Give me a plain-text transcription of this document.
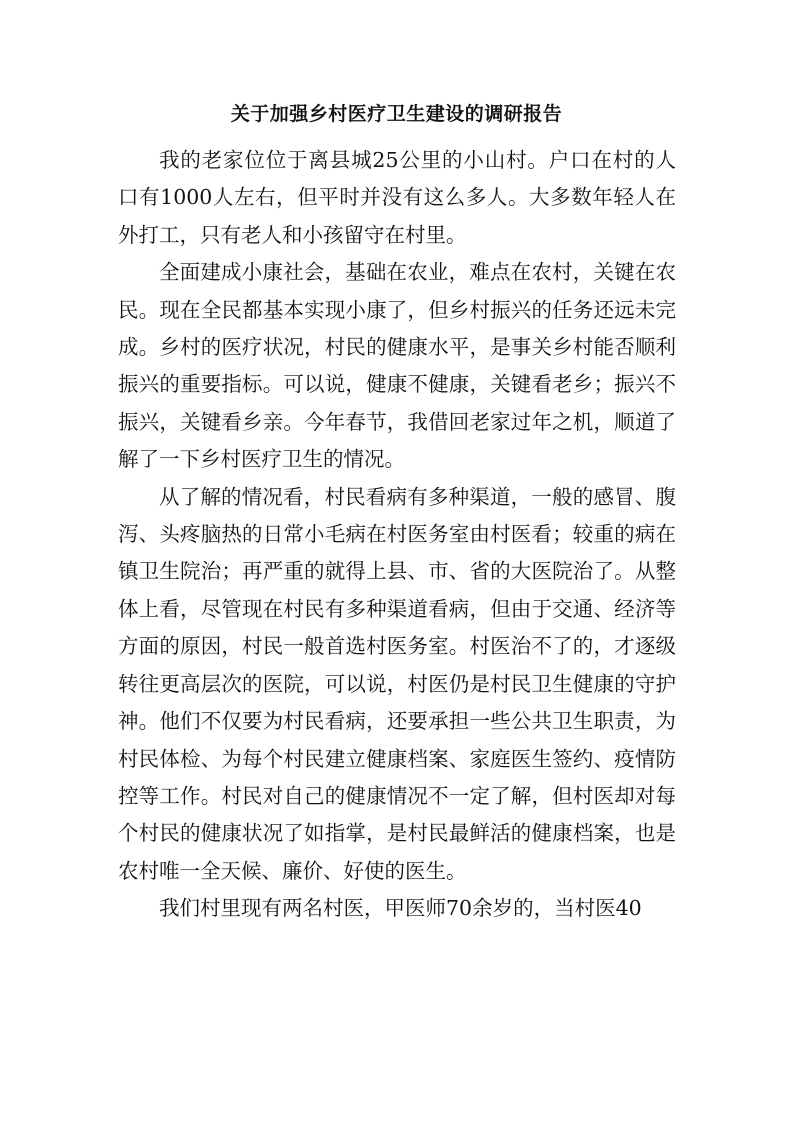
关于加强乡村医疗卫生建设的调研报告

我的老家位位于离县城25公里的小山村。户口在村的人口有1000人左右，但平时并没有这么多人。大多数年轻人在外打工，只有老人和小孩留守在村里。

全面建成小康社会，基础在农业，难点在农村，关键在农民。现在全民都基本实现小康了，但乡村振兴的任务还远未完成。乡村的医疗状况，村民的健康水平，是事关乡村能否顺利振兴的重要指标。可以说，健康不健康，关键看老乡；振兴不振兴，关键看乡亲。今年春节，我借回老家过年之机，顺道了解了一下乡村医疗卫生的情况。

从了解的情况看，村民看病有多种渠道，一般的感冒、腹泻、头疼脑热的日常小毛病在村医务室由村医看；较重的病在镇卫生院治；再严重的就得上县、市、省的大医院治了。从整体上看，尽管现在村民有多种渠道看病，但由于交通、经济等方面的原因，村民一般首选村医务室。村医治不了的，才逐级转往更高层次的医院，可以说，村医仍是村民卫生健康的守护神。他们不仅要为村民看病，还要承担一些公共卫生职责，为村民体检、为每个村民建立健康档案、家庭医生签约、疫情防控等工作。村民对自己的健康情况不一定了解，但村医却对每个村民的健康状况了如指掌，是村民最鲜活的健康档案，也是农村唯一全天候、廉价、好使的医生。

我们村里现有两名村医，甲医师70余岁的，当村医40
